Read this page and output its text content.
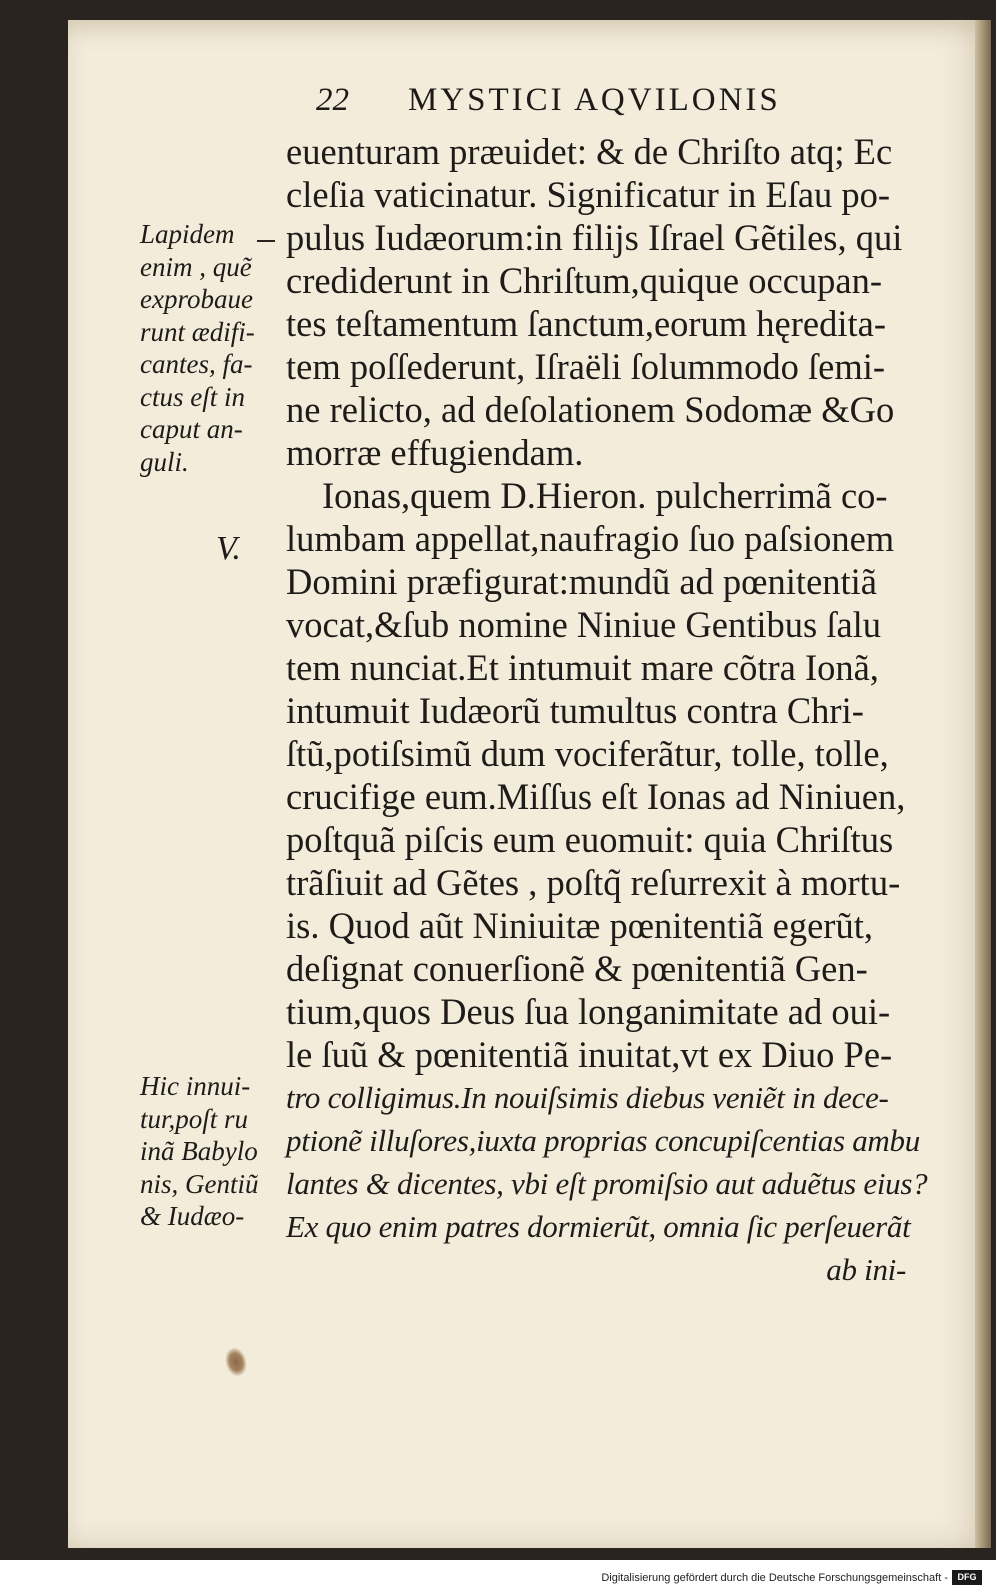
22 MYSTICI AQVILONIS
euenturam præuidet: & de Chriſto atq; Ec
cleſia vaticinatur. Significatur in Eſau po-
pulus Iudæorum:in filijs Iſrael Gẽtiles, qui
crediderunt in Chriſtum,quique occupan-
tes teſtamentum ſanctum,eorum hęredita-
tem poſſederunt, Iſraëli ſolummodo ſemi-
ne relicto, ad deſolationem Sodomæ &Go
morræ effugiendam.
Ionas,quem D.Hieron. pulcherrimã co-
lumbam appellat,naufragio ſuo paſsionem
Domini præfigurat:mundũ ad pœnitentiã
vocat,&ſub nomine Niniue Gentibus ſalu
tem nunciat.Et intumuit mare cõtra Ionã,
intumuit Iudæorũ tumultus contra Chri-
ſtũ,potiſsimũ dum vociferãtur, tolle, tolle,
crucifige eum.Miſſus eſt Ionas ad Niniuen,
poſtquã piſcis eum euomuit: quia Chriſtus
trãſiuit ad Gẽtes , poſtq̃ reſurrexit à mortu-
is. Quod aũt Niniuitæ pœnitentiã egerũt,
deſignat conuerſionẽ & pœnitentiã Gen-
tium,quos Deus ſua longanimitate ad oui-
le ſuũ & pœnitentiã inuitat,vt ex Diuo Pe-
tro colligimus.In nouiſsimis diebus veniẽt in dece-
ptionẽ illuſores,iuxta proprias concupiſcentias ambu
lantes & dicentes, vbi eſt promiſsio aut aduẽtus eius?
Ex quo enim patres dormierũt, omnia ſic perſeuerãt
ab ini-
Lapidem
enim , quẽ
exprobaue
runt ædifi-
cantes, fa-
ctus eſt in
caput an-
guli.
V.
Hic innui-
tur,poſt ru
inã Babylo
nis, Gentiũ
& Iudæo-
Digitalisierung gefördert durch die Deutsche Forschungsgemeinschaft -	DFG
